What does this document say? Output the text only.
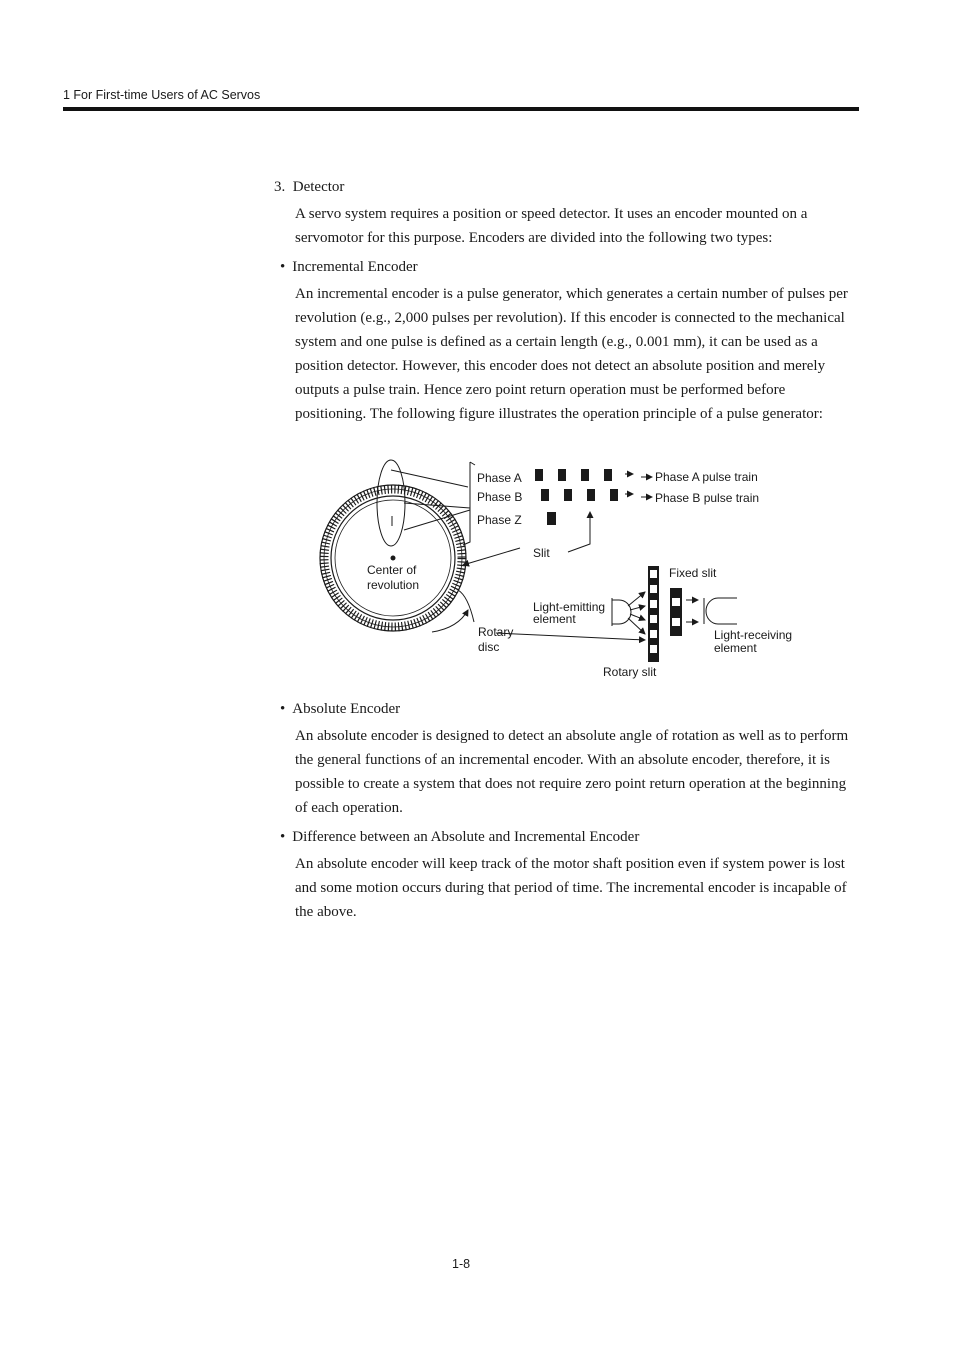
1 For First-time Users of AC Servos
3. Detector

A servo system requires a position or speed detector. It uses an encoder mounted on a servomotor for this purpose. Encoders are divided into the following two types:

• Incremental Encoder

An incremental encoder is a pulse generator, which generates a certain number of pulses per revolution (e.g., 2,000 pulses per revolution). If this encoder is connected to the mechanical system and one pulse is defined as a certain length (e.g., 0.001 mm), it can be used as a position detector. However, this encoder does not detect an absolute position and merely outputs a pulse train. Hence zero point return operation must be performed before positioning. The following figure illustrates the operation principle of a pulse generator:

Phase A
Phase B
Phase Z
Phase A pulse train
Phase B pulse train
Slit
Center of
revolution
Fixed slit
Light-emitting
element
Rotary
disc
Light-receiving
element
Rotary slit
• Absolute Encoder

An absolute encoder is designed to detect an absolute angle of rotation as well as to perform the general functions of an incremental encoder. With an absolute encoder, therefore, it is possible to create a system that does not require zero point return operation at the beginning of each operation.

• Difference between an Absolute and Incremental Encoder

An absolute encoder will keep track of the motor shaft position even if system power is lost and some motion occurs during that period of time. The incremental encoder is incapable of the above.

1-8
